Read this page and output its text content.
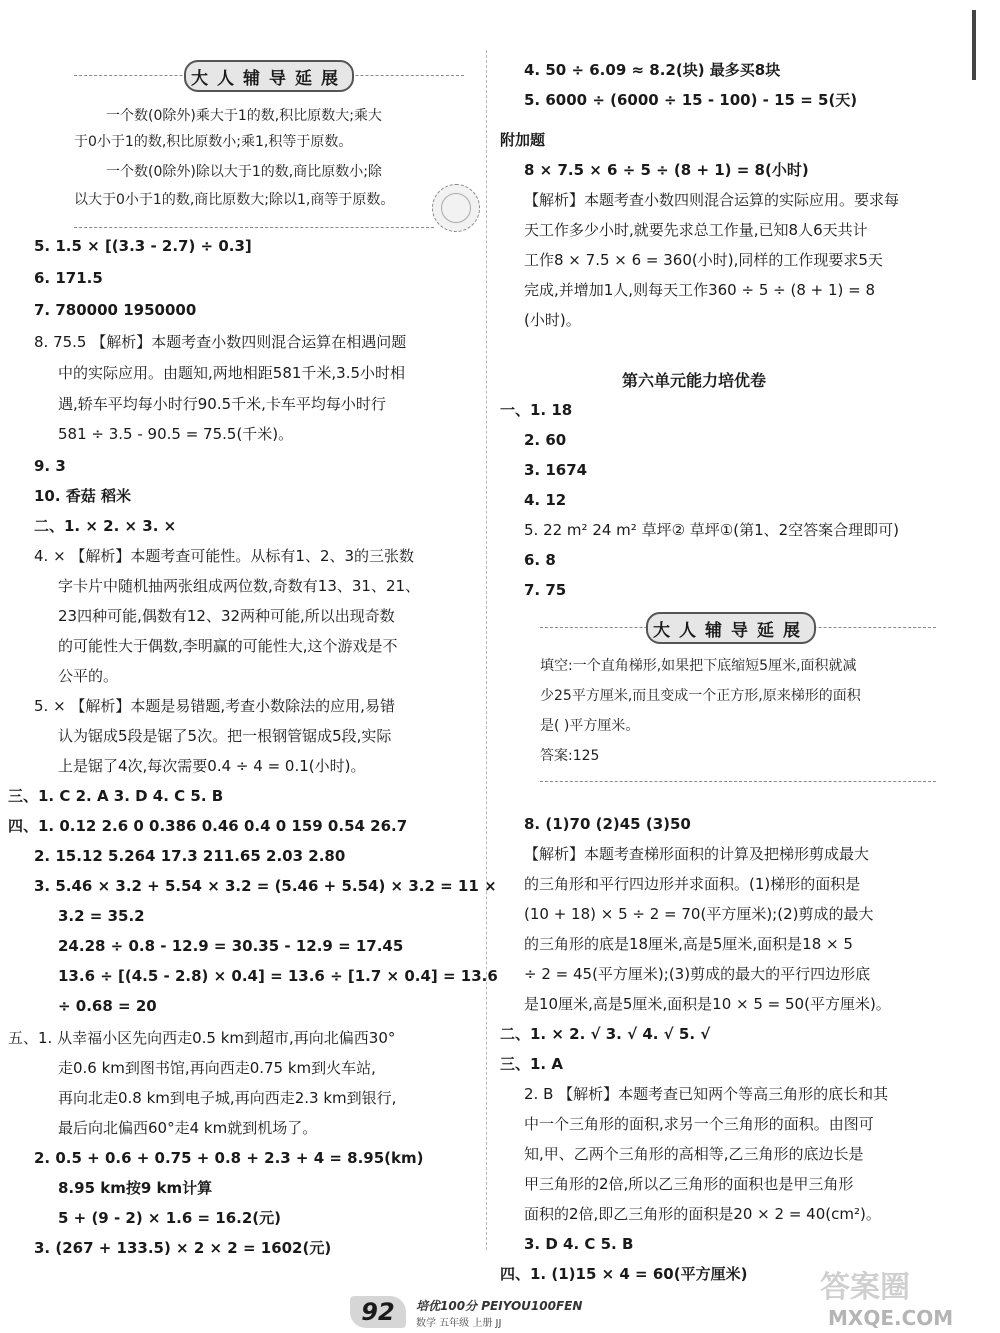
大人辅导延展
一个数(0除外)乘大于1的数,积比原数大;乘大
于0小于1的数,积比原数小;乘1,积等于原数。
一个数(0除外)除以大于1的数,商比原数小;除
以大于0小于1的数,商比原数大;除以1,商等于原数。
5. 1.5 × [(3.3 - 2.7) ÷ 0.3]
6. 171.5
7. 780000 1950000
8. 75.5 【解析】本题考查小数四则混合运算在相遇问题
中的实际应用。由题知,两地相距581千米,3.5小时相
遇,轿车平均每小时行90.5千米,卡车平均每小时行
581 ÷ 3.5 - 90.5 = 75.5(千米)。
9. 3
10. 香菇 稻米
二、1. × 2. × 3. ×
4. × 【解析】本题考查可能性。从标有1、2、3的三张数
字卡片中随机抽两张组成两位数,奇数有13、31、21、
23四种可能,偶数有12、32两种可能,所以出现奇数
的可能性大于偶数,李明赢的可能性大,这个游戏是不
公平的。
5. × 【解析】本题是易错题,考查小数除法的应用,易错
认为锯成5段是锯了5次。把一根钢管锯成5段,实际
上是锯了4次,每次需要0.4 ÷ 4 = 0.1(小时)。
三、1. C 2. A 3. D 4. C 5. B
四、1. 0.12 2.6 0 0.386 0.46 0.4 0 159 0.54 26.7
2. 15.12 5.264 17.3 211.65 2.03 2.80
3. 5.46 × 3.2 + 5.54 × 3.2 = (5.46 + 5.54) × 3.2 = 11 ×
3.2 = 35.2
24.28 ÷ 0.8 - 12.9 = 30.35 - 12.9 = 17.45
13.6 ÷ [(4.5 - 2.8) × 0.4] = 13.6 ÷ [1.7 × 0.4] = 13.6
÷ 0.68 = 20
五、1. 从幸福小区先向西走0.5 km到超市,再向北偏西30°
走0.6 km到图书馆,再向西走0.75 km到火车站,
再向北走0.8 km到电子城,再向西走2.3 km到银行,
最后向北偏西60°走4 km就到机场了。
2. 0.5 + 0.6 + 0.75 + 0.8 + 2.3 + 4 = 8.95(km)
8.95 km按9 km计算
5 + (9 - 2) × 1.6 = 16.2(元)
3. (267 + 133.5) × 2 × 2 = 1602(元)
4. 50 ÷ 6.09 ≈ 8.2(块) 最多买8块
5. 6000 ÷ (6000 ÷ 15 - 100) - 15 = 5(天)
附加题
8 × 7.5 × 6 ÷ 5 ÷ (8 + 1) = 8(小时)
【解析】本题考查小数四则混合运算的实际应用。要求每
天工作多少小时,就要先求总工作量,已知8人6天共计
工作8 × 7.5 × 6 = 360(小时),同样的工作现要求5天
完成,并增加1人,则每天工作360 ÷ 5 ÷ (8 + 1) = 8
(小时)。
第六单元能力培优卷
一、1. 18
2. 60
3. 1674
4. 12
5. 22 m² 24 m² 草坪② 草坪①(第1、2空答案合理即可)
6. 8
7. 75
大人辅导延展
填空:一个直角梯形,如果把下底缩短5厘米,面积就减
少25平方厘米,而且变成一个正方形,原来梯形的面积
是( )平方厘米。
答案:125
8. (1)70 (2)45 (3)50
【解析】本题考查梯形面积的计算及把梯形剪成最大
的三角形和平行四边形并求面积。(1)梯形的面积是
(10 + 18) × 5 ÷ 2 = 70(平方厘米);(2)剪成的最大
的三角形的底是18厘米,高是5厘米,面积是18 × 5
÷ 2 = 45(平方厘米);(3)剪成的最大的平行四边形底
是10厘米,高是5厘米,面积是10 × 5 = 50(平方厘米)。
二、1. × 2. √ 3. √ 4. √ 5. √
三、1. A
2. B 【解析】本题考查已知两个等高三角形的底长和其
中一个三角形的面积,求另一个三角形的面积。由图可
知,甲、乙两个三角形的高相等,乙三角形的底边长是
甲三角形的2倍,所以乙三角形的面积也是甲三角形
面积的2倍,即乙三角形的面积是20 × 2 = 40(cm²)。
3. D 4. C 5. B
四、1. (1)15 × 4 = 60(平方厘米)
92	培优100分 PEIYOU100FEN
数学 五年级 上册 JJ
答案圈
MXQE.COM
